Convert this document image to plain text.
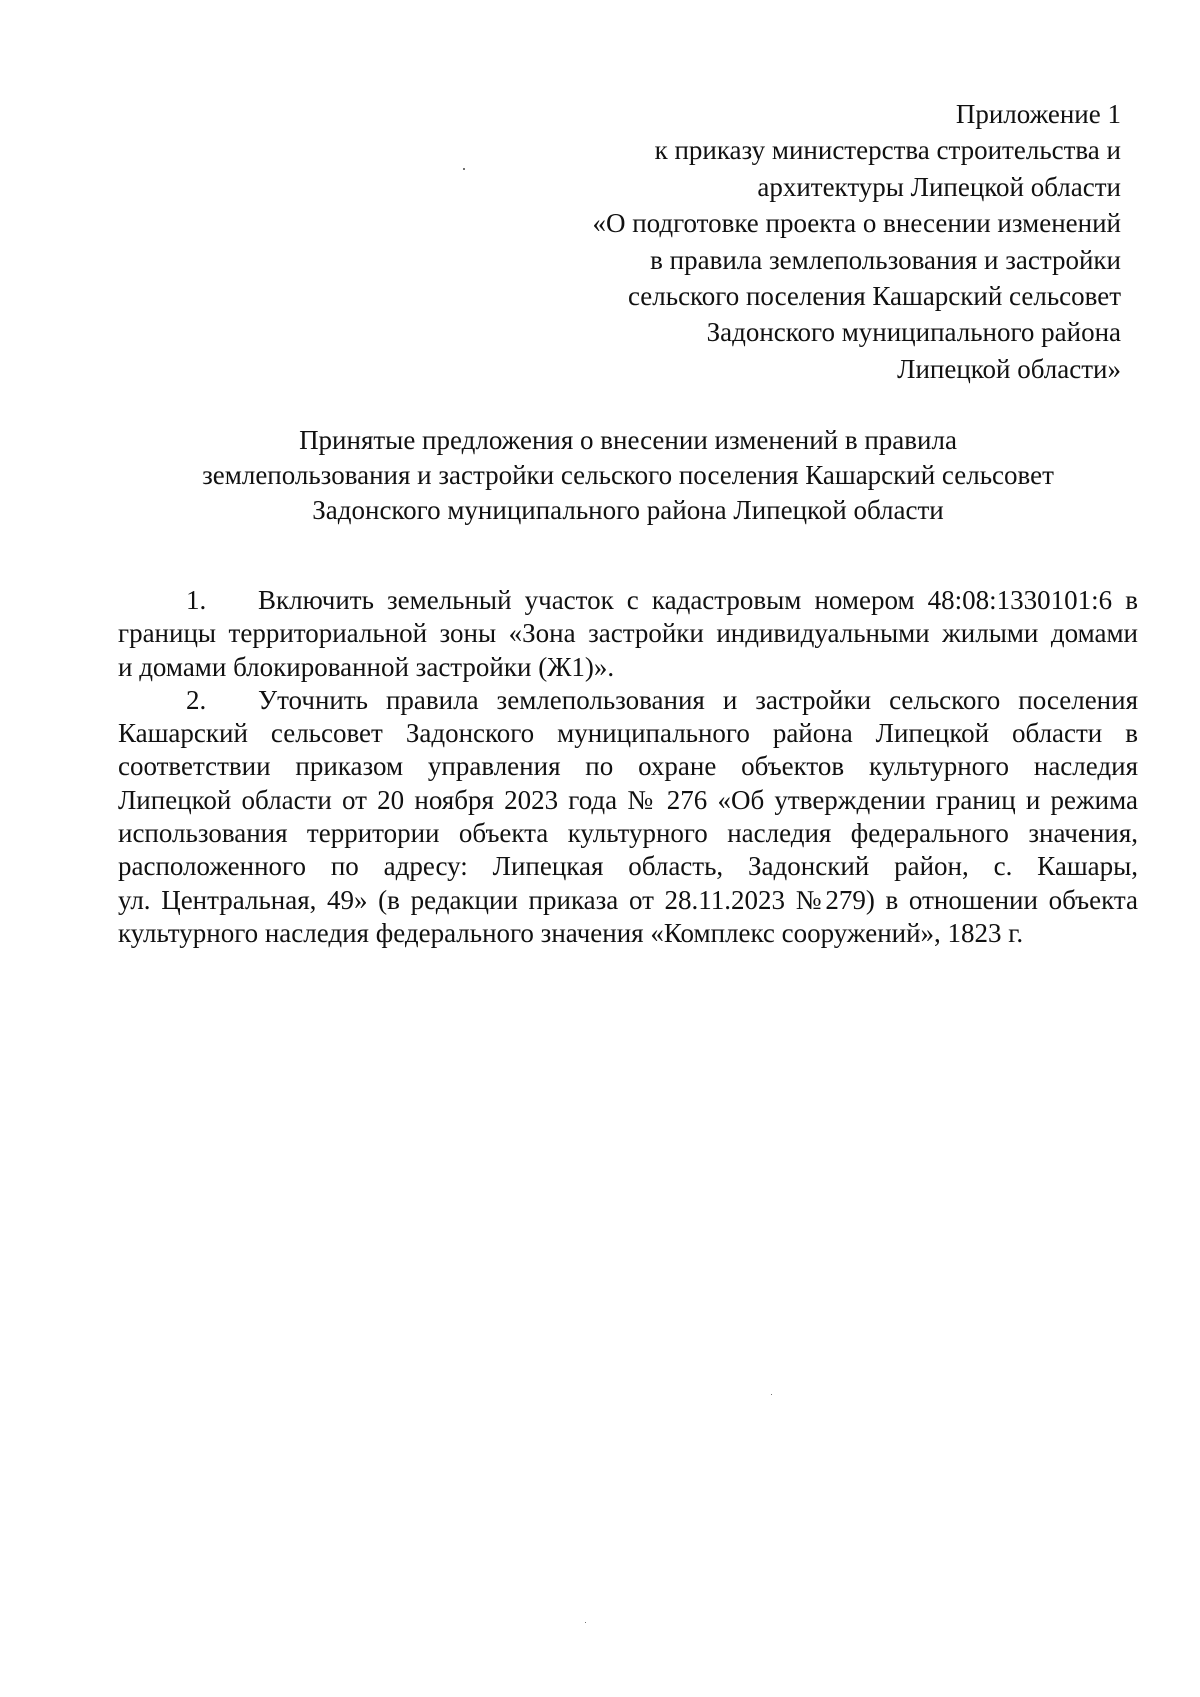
Приложение 1
к приказу министерства строительства и
архитектуры Липецкой области
«О подготовке проекта о внесении изменений
в правила землепользования и застройки
сельского поселения Кашарский сельсовет
Задонского муниципального района
Липецкой области»
Принятые предложения о внесении изменений в правила
землепользования и застройки сельского поселения Кашарский сельсовет
Задонского муниципального района Липецкой области
1. Включить земельный участок с кадастровым номером 48:08:1330101:6 в
границы территориальной зоны «Зона застройки индивидуальными жилыми домами
и домами блокированной застройки (Ж1)».
2. Уточнить правила землепользования и застройки сельского поселения
Кашарский сельсовет Задонского муниципального района Липецкой области в
соответствии приказом управления по охране объектов культурного наследия
Липецкой области от 20 ноября 2023 года № 276 «Об утверждении границ и режима
использования территории объекта культурного наследия федерального значения,
расположенного по адресу: Липецкая область, Задонский район, с. Кашары,
ул. Центральная, 49» (в редакции приказа от 28.11.2023 №279) в отношении объекта
культурного наследия федерального значения «Комплекс сооружений», 1823 г.
